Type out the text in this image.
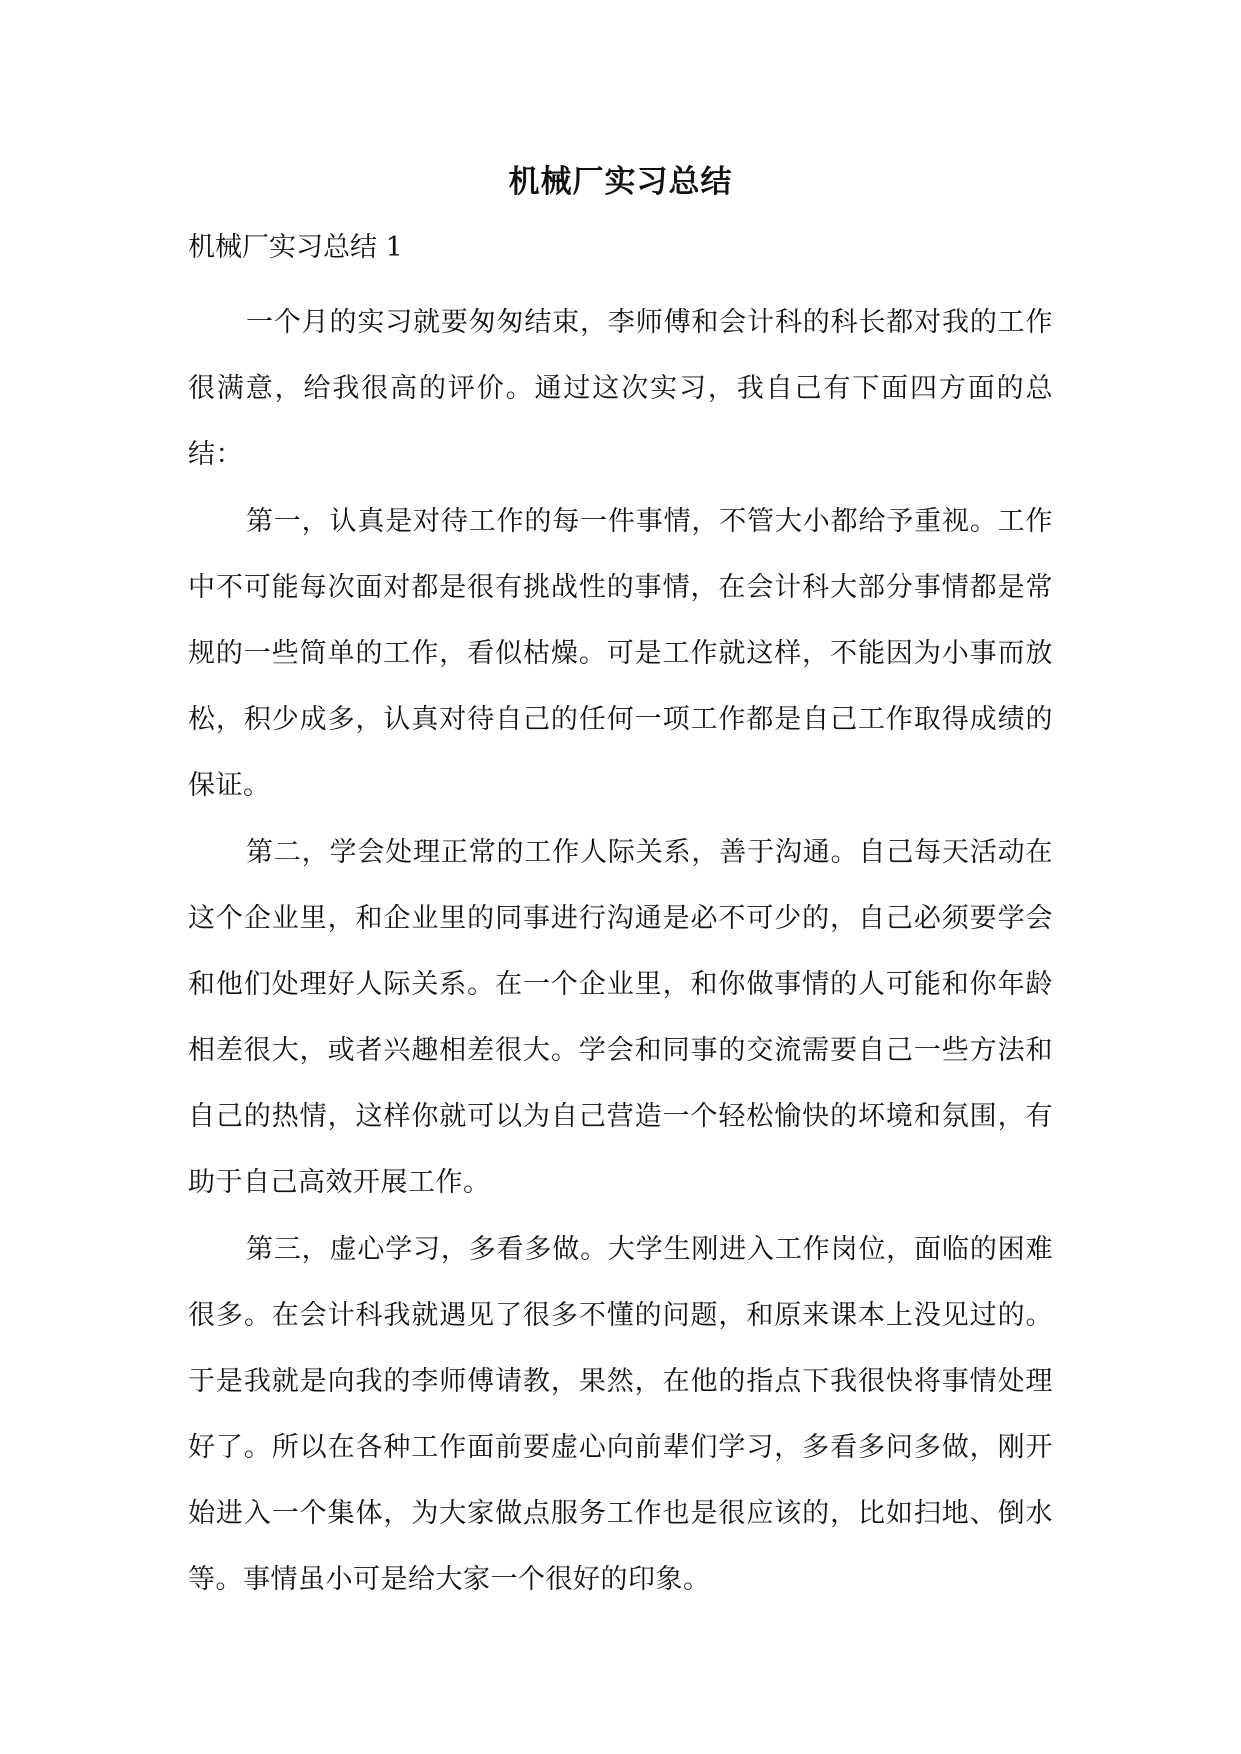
机械厂实习总结
机械厂实习总结 1

一个月的实习就要匆匆结束，李师傅和会计科的科长都对我的工作很满意，给我很高的评价。通过这次实习，我自己有下面四方面的总结：

第一，认真是对待工作的每一件事情，不管大小都给予重视。工作中不可能每次面对都是很有挑战性的事情，在会计科大部分事情都是常规的一些简单的工作，看似枯燥。可是工作就这样，不能因为小事而放松，积少成多，认真对待自己的任何一项工作都是自己工作取得成绩的保证。

第二，学会处理正常的工作人际关系，善于沟通。自己每天活动在这个企业里，和企业里的同事进行沟通是必不可少的，自己必须要学会和他们处理好人际关系。在一个企业里，和你做事情的人可能和你年龄相差很大，或者兴趣相差很大。学会和同事的交流需要自己一些方法和自己的热情，这样你就可以为自己营造一个轻松愉快的坏境和氛围，有助于自己高效开展工作。

第三，虚心学习，多看多做。大学生刚进入工作岗位，面临的困难很多。在会计科我就遇见了很多不懂的问题，和原来课本上没见过的。于是我就是向我的李师傅请教，果然，在他的指点下我很快将事情处理好了。所以在各种工作面前要虚心向前辈们学习，多看多问多做，刚开始进入一个集体，为大家做点服务工作也是很应该的，比如扫地、倒水等。事情虽小可是给大家一个很好的印象。
